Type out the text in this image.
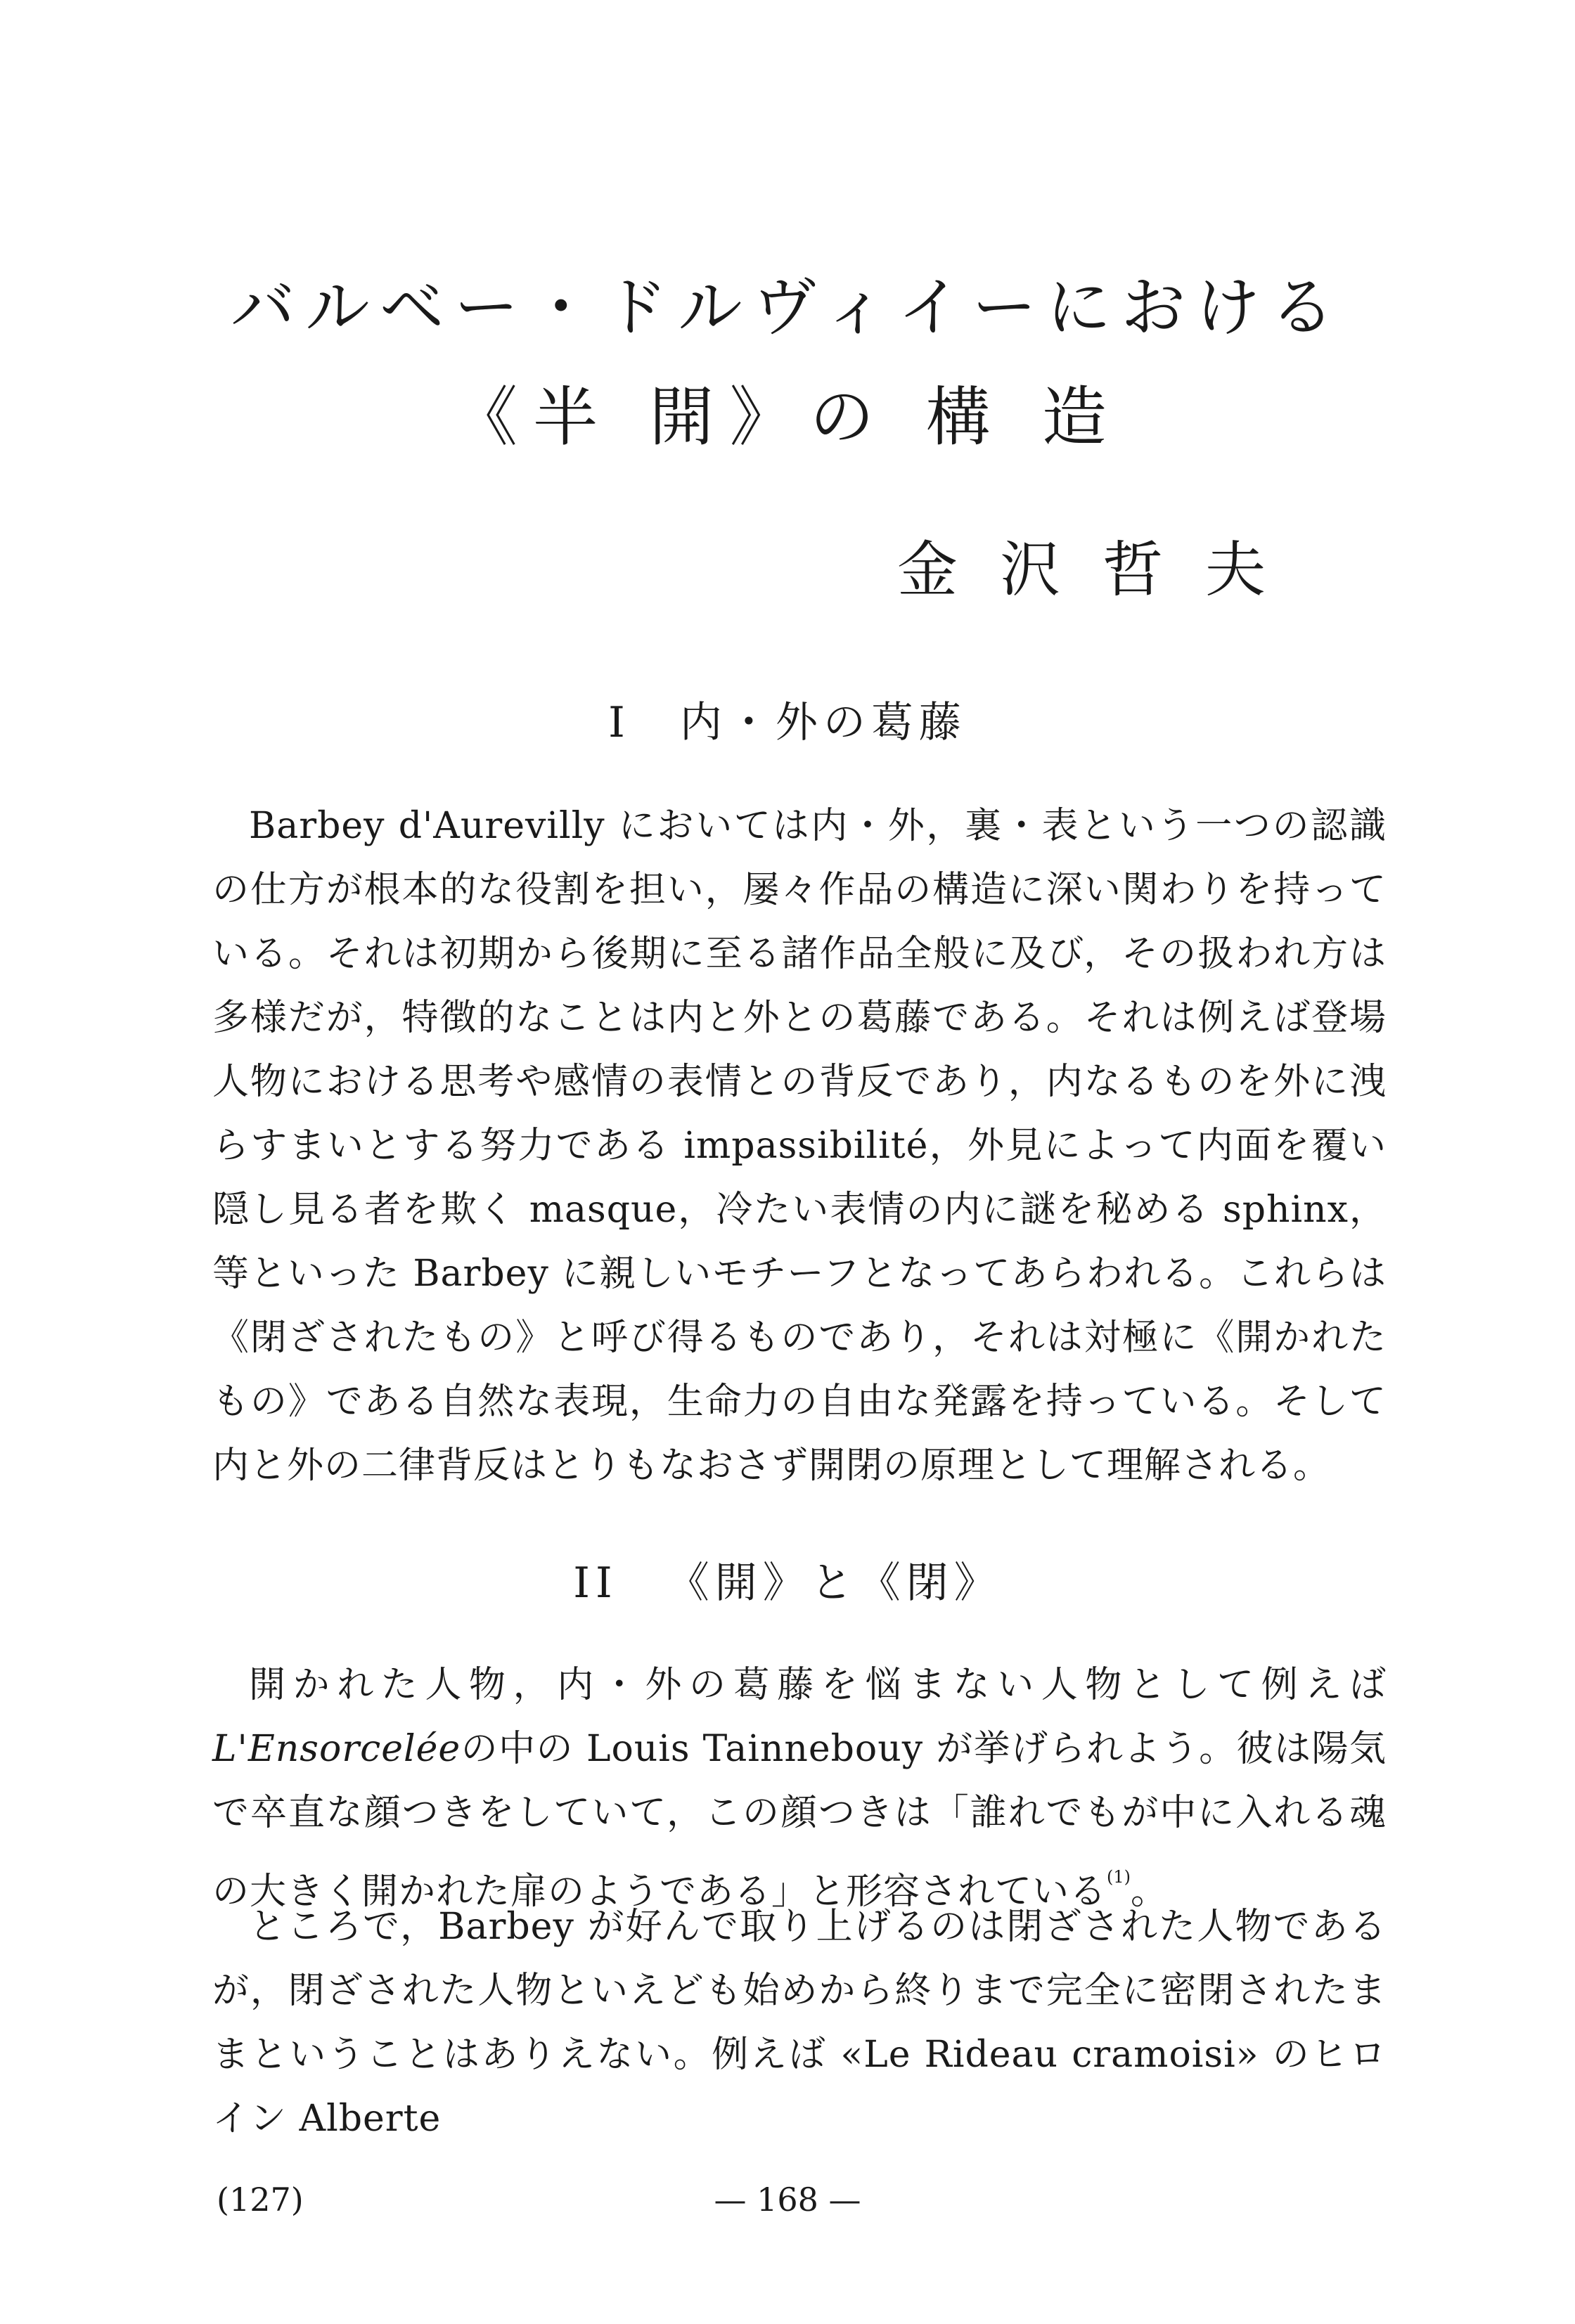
バルベー・ドルヴィイーにおける
《半 開》の 構 造
金沢哲夫
I 内・外の葛藤

Barbey d'Aurevilly においては内・外，裏・表という一つの認識の仕方が根本的な役割を担い，屡々作品の構造に深い関わりを持っている。それは初期から後期に至る諸作品全般に及び，その扱われ方は多様だが，特徴的なことは内と外との葛藤である。それは例えば登場人物における思考や感情の表情との背反であり，内なるものを外に洩らすまいとする努力である impassibilité，外見によって内面を覆い隠し見る者を欺く masque，冷たい表情の内に謎を秘める sphinx，等といった Barbey に親しいモチーフとなってあらわれる。これらは《閉ざされたもの》と呼び得るものであり，それは対極に《開かれたもの》である自然な表現，生命力の自由な発露を持っている。そして内と外の二律背反はとりもなおさず開閉の原理として理解される。

II 《開》と《閉》

開かれた人物，内・外の葛藤を悩まない人物として例えば L'Ensorceléeの中の Louis Tainnebouy が挙げられよう。彼は陽気で卒直な顔つきをしていて，この顔つきは「誰れでもが中に入れる魂の大きく開かれた扉のようである」と形容されている$^{(1)}$。

ところで，Barbey が好んで取り上げるのは閉ざされた人物であるが，閉ざされた人物といえども始めから終りまで完全に密閉されたままということはありえない。例えば «Le Rideau cramoisi» のヒロイン Alberte

(127)	— 168 —
